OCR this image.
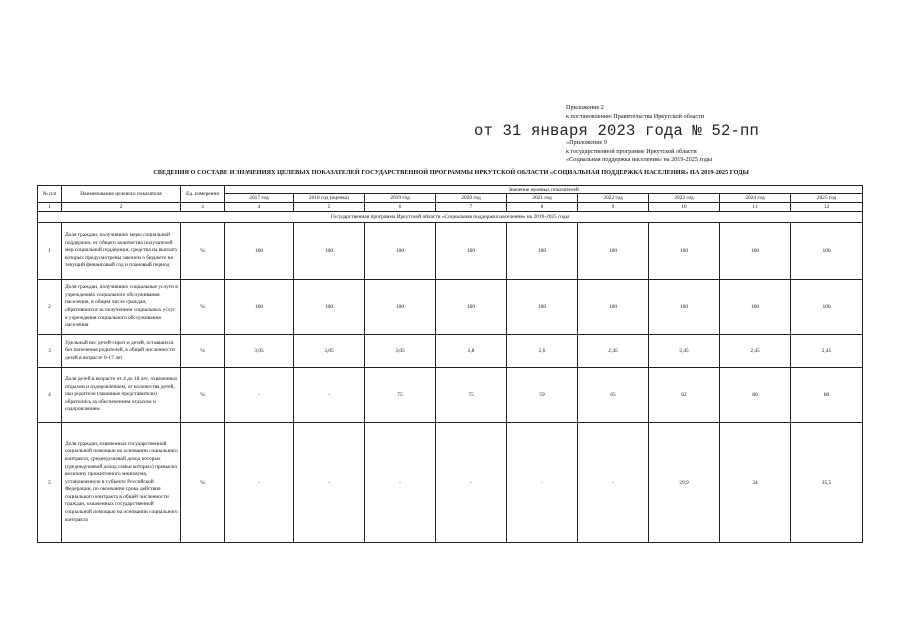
Приложение 2
к постановлению Правительства Иркутской области
от 31 января 2023 года № 52-пп
«Приложение 9
к государственной программе Иркутской области
«Социальная поддержка населения» на 2019-2025 годы
СВЕДЕНИЯ О СОСТАВЕ И ЗНАЧЕНИЯХ ЦЕЛЕВЫХ ПОКАЗАТЕЛЕЙ ГОСУДАРСТВЕННОЙ ПРОГРАММЫ ИРКУТСКОЙ ОБЛАСТИ «СОЦИАЛЬНАЯ ПОДДЕРЖКА НАСЕЛЕНИЯ» НА 2019-2025 ГОДЫ
№ п/п	Наименование целевого показателя	Ед. измерения	Значение целевых показателей								
			2017 год	2018 год (оценка)	2019 год	2020 год	2021 год	2022 год	2023 год	2024 год	2025 год
1	2	3	4	5	6	7	8	9	10	11	12
Государственная программа Иркутской области «Социальная поддержка населения» на 2019-2025 годы											
1	Доля граждан, получивших меры социальной поддержки, от общего количества получателей мер социальной поддержки, средства на выплату которых предусмотрены законом о бюджете на текущий финансовый год и плановый период	%	100	100	100	100	100	100	100	100	100
2	Доля граждан, получивших социальные услуги в учреждениях социального обслуживания населения, в общем числе граждан, обратившихся за получением социальных услуг в учреждения социального обслуживания населения	%	100	100	100	100	100	100	100	100	100
3	Удельный вес детей-сирот и детей, оставшихся без попечения родителей, в общей численности детей в возрасте 0-17 лет	%	3,05	3,05	3,05	2,8	2,6	2,45	2,45	2,45	2,45
4	Доля детей в возрасте от 4 до 18 лет, охваченных отдыхом и оздоровлением, от количества детей, чьи родители (законные представители) обратились за обеспечением отдыхом и оздоровлением	%	-	-	75	75	59	65	62	80	80
5	Доля граждан, охваченных государственной социальной помощью на основании социального контракта, среднедушевой доход которых (среднедушевой доход семьи которых) превысил величину прожиточного минимума, установленную в субъекте Российской Федерации, по окончании срока действия социального контракта в общей численности граждан, охваченных государственной социальной помощью на основании социального контракта	%	-	-	-	-	-	-	29,9	34	35,5
